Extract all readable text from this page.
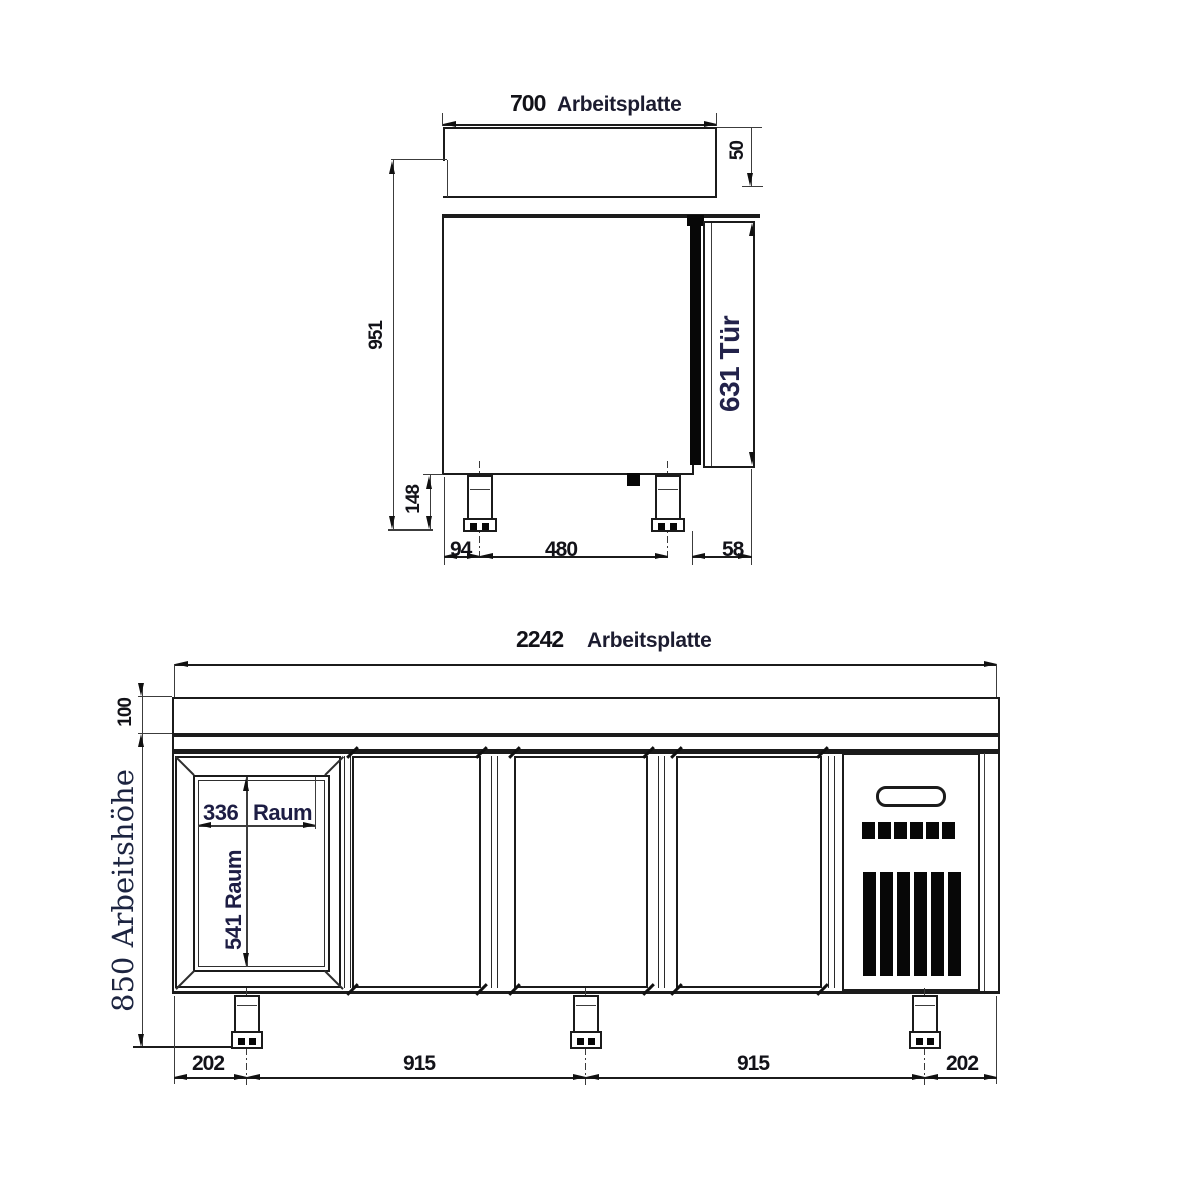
700 Arbeitsplatte
50
631 Tür
951
148
94	480	58
2242 Arbeitsplatte
100
850 Arbeitshöhe	336 Raum
541 Raum
202	915	915	202
